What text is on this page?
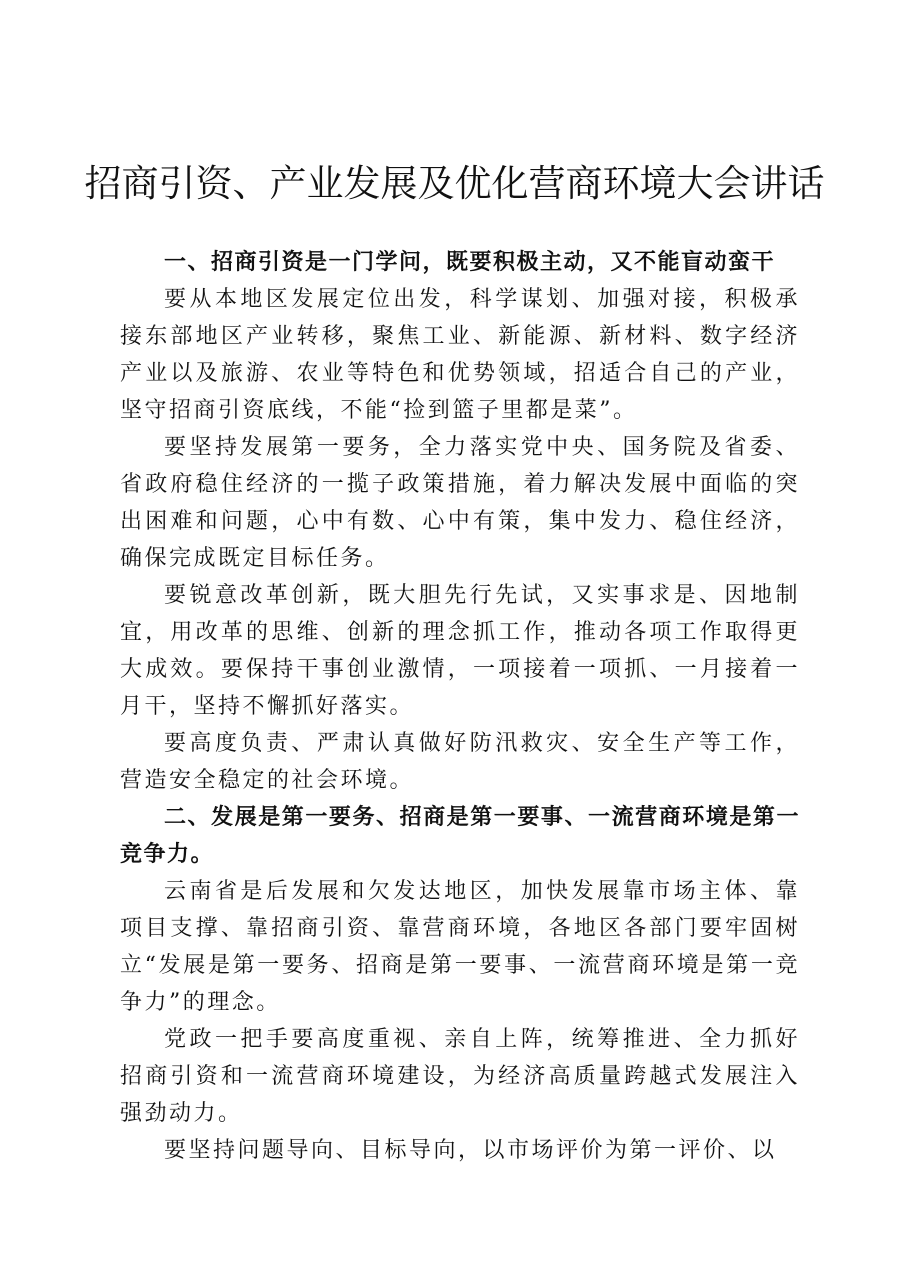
招商引资、产业发展及优化营商环境大会讲话

一、招商引资是一门学问，既要积极主动，又不能盲动蛮干

要从本地区发展定位出发，科学谋划、加强对接，积极承接东部地区产业转移，聚焦工业、新能源、新材料、数字经济产业以及旅游、农业等特色和优势领域，招适合自己的产业，坚守招商引资底线，不能“捡到篮子里都是菜”。

要坚持发展第一要务，全力落实党中央、国务院及省委、省政府稳住经济的一揽子政策措施，着力解决发展中面临的突出困难和问题，心中有数、心中有策，集中发力、稳住经济，确保完成既定目标任务。

要锐意改革创新，既大胆先行先试，又实事求是、因地制宜，用改革的思维、创新的理念抓工作，推动各项工作取得更大成效。要保持干事创业激情，一项接着一项抓、一月接着一月干，坚持不懈抓好落实。

要高度负责、严肃认真做好防汛救灾、安全生产等工作，营造安全稳定的社会环境。

二、发展是第一要务、招商是第一要事、一流营商环境是第一竞争力。

云南省是后发展和欠发达地区，加快发展靠市场主体、靠项目支撑、靠招商引资、靠营商环境，各地区各部门要牢固树立“发展是第一要务、招商是第一要事、一流营商环境是第一竞争力”的理念。

党政一把手要高度重视、亲自上阵，统筹推进、全力抓好招商引资和一流营商环境建设，为经济高质量跨越式发展注入强劲动力。

要坚持问题导向、目标导向，以市场评价为第一评价、以
